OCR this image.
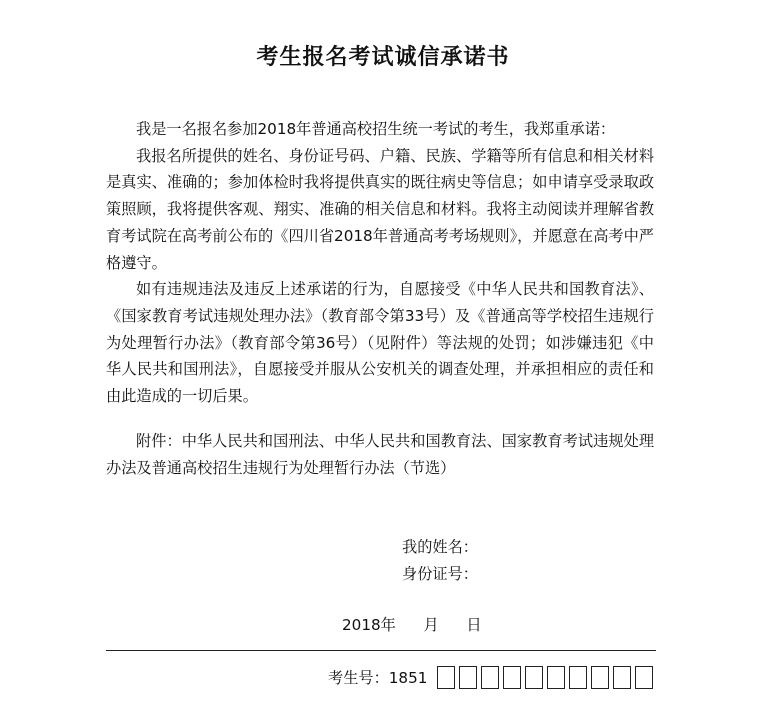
考生报名考试诚信承诺书

我是一名报名参加2018年普通高校招生统一考试的考生，我郑重承诺：

我报名所提供的姓名、身份证号码、户籍、民族、学籍等所有信息和相关材料是真实、准确的；参加体检时我将提供真实的既往病史等信息；如申请享受录取政策照顾，我将提供客观、翔实、准确的相关信息和材料。我将主动阅读并理解省教育考试院在高考前公布的《四川省2018年普通高考考场规则》，并愿意在高考中严格遵守。

如有违规违法及违反上述承诺的行为，自愿接受《中华人民共和国教育法》、《国家教育考试违规处理办法》（教育部令第33号）及《普通高等学校招生违规行为处理暂行办法》（教育部令第36号）（见附件）等法规的处罚；如涉嫌违犯《中华人民共和国刑法》，自愿接受并服从公安机关的调查处理，并承担相应的责任和由此造成的一切后果。

附件：中华人民共和国刑法、中华人民共和国教育法、国家教育考试违规处理办法及普通高校招生违规行为处理暂行办法（节选）

我的姓名：
身份证号：
2018年 月 日
考生号： 1851
